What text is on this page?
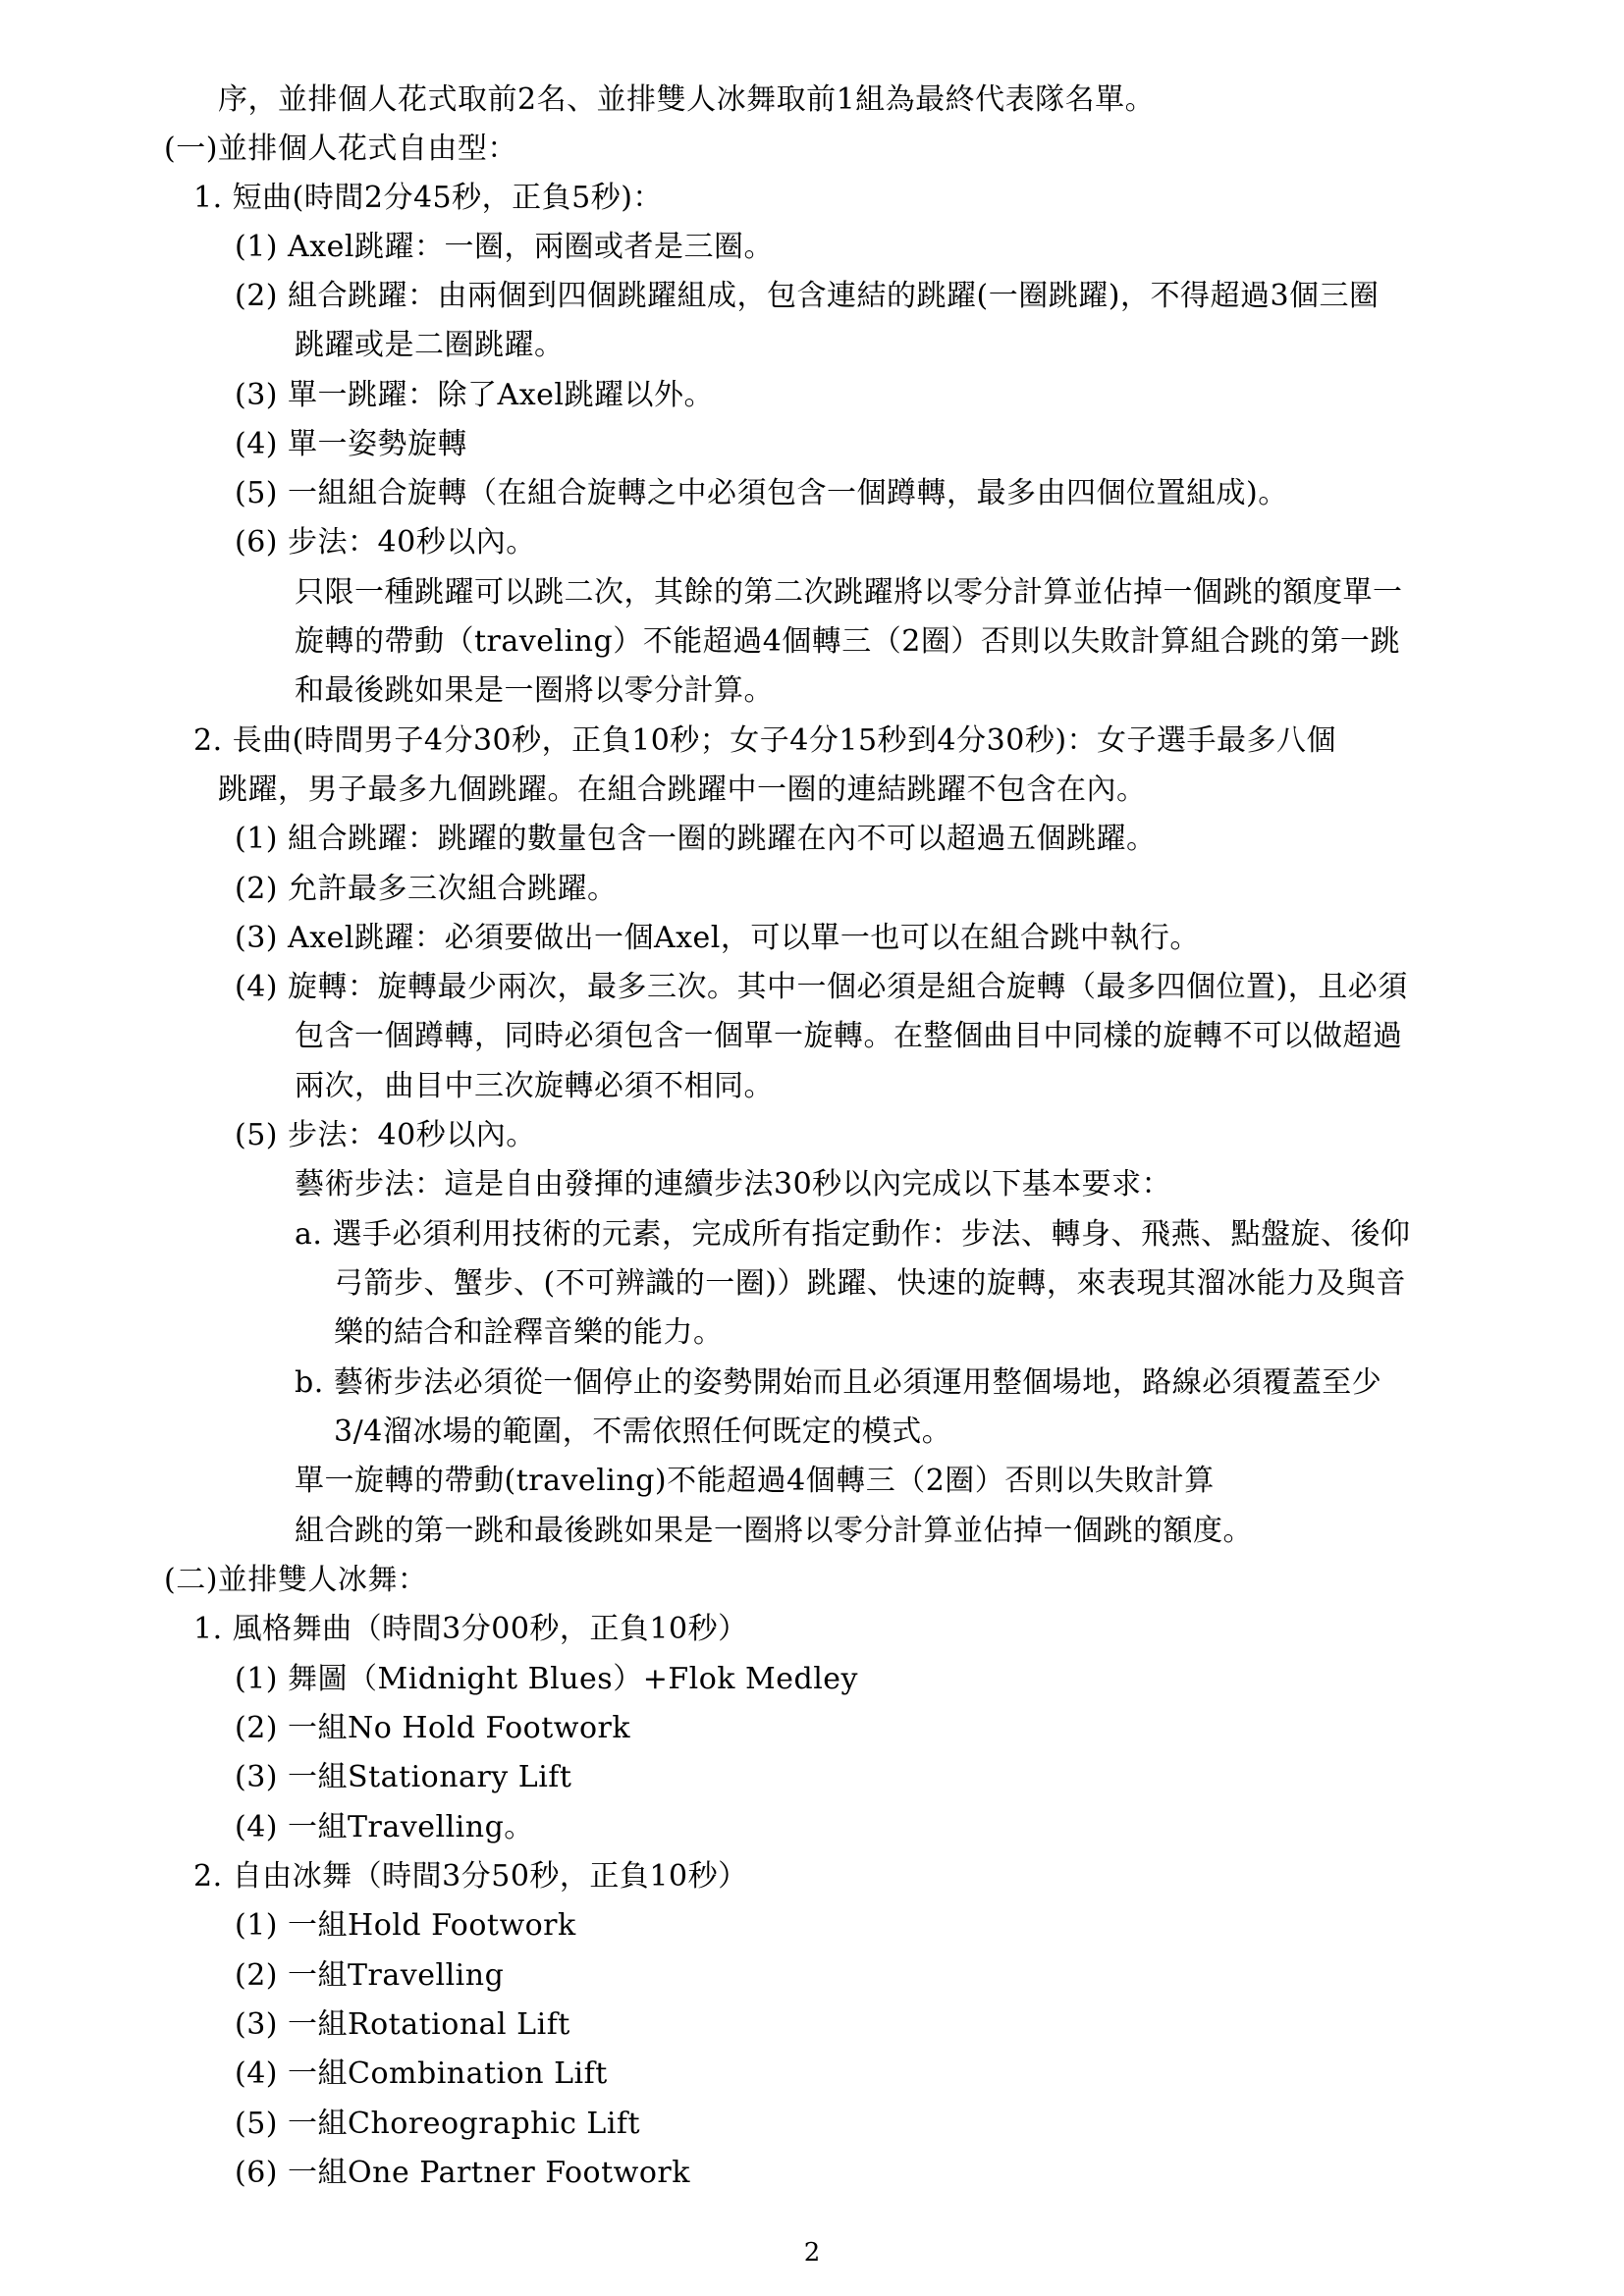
序，並排個人花式取前2名、並排雙人冰舞取前1組為最終代表隊名單。
(一)並排個人花式自由型：
1. 短曲(時間2分45秒，正負5秒)：
(1) Axel跳躍：一圈，兩圈或者是三圈。
(2) 組合跳躍：由兩個到四個跳躍組成，包含連結的跳躍(一圈跳躍)，不得超過3個三圈
跳躍或是二圈跳躍。
(3) 單一跳躍：除了Axel跳躍以外。
(4) 單一姿勢旋轉
(5) 一組組合旋轉（在組合旋轉之中必須包含一個蹲轉，最多由四個位置組成)。
(6) 步法：40秒以內。
只限一種跳躍可以跳二次，其餘的第二次跳躍將以零分計算並佔掉一個跳的額度單一
旋轉的帶動（traveling）不能超過4個轉三（2圈）否則以失敗計算組合跳的第一跳
和最後跳如果是一圈將以零分計算。
2. 長曲(時間男子4分30秒，正負10秒；女子4分15秒到4分30秒)：女子選手最多八個
跳躍，男子最多九個跳躍。在組合跳躍中一圈的連結跳躍不包含在內。
(1) 組合跳躍：跳躍的數量包含一圈的跳躍在內不可以超過五個跳躍。
(2) 允許最多三次組合跳躍。
(3) Axel跳躍：必須要做出一個Axel，可以單一也可以在組合跳中執行。
(4) 旋轉：旋轉最少兩次，最多三次。其中一個必須是組合旋轉（最多四個位置)，且必須
包含一個蹲轉，同時必須包含一個單一旋轉。在整個曲目中同樣的旋轉不可以做超過
兩次，曲目中三次旋轉必須不相同。
(5) 步法：40秒以內。
藝術步法：這是自由發揮的連續步法30秒以內完成以下基本要求：
a. 選手必須利用技術的元素，完成所有指定動作：步法、轉身、飛燕、點盤旋、後仰
弓箭步、蟹步、(不可辨識的一圈)）跳躍、快速的旋轉，來表現其溜冰能力及與音
樂的結合和詮釋音樂的能力。
b. 藝術步法必須從一個停止的姿勢開始而且必須運用整個場地，路線必須覆蓋至少
3/4溜冰場的範圍，不需依照任何既定的模式。
單一旋轉的帶動(traveling)不能超過4個轉三（2圈）否則以失敗計算
組合跳的第一跳和最後跳如果是一圈將以零分計算並佔掉一個跳的額度。
(二)並排雙人冰舞：
1. 風格舞曲（時間3分00秒，正負10秒）
(1) 舞圖（Midnight Blues）+Flok Medley
(2) 一組No Hold Footwork
(3) 一組Stationary Lift
(4) 一組Travelling。
2. 自由冰舞（時間3分50秒，正負10秒）
(1) 一組Hold Footwork
(2) 一組Travelling
(3) 一組Rotational Lift
(4) 一組Combination Lift
(5) 一組Choreographic Lift
(6) 一組One Partner Footwork
2
